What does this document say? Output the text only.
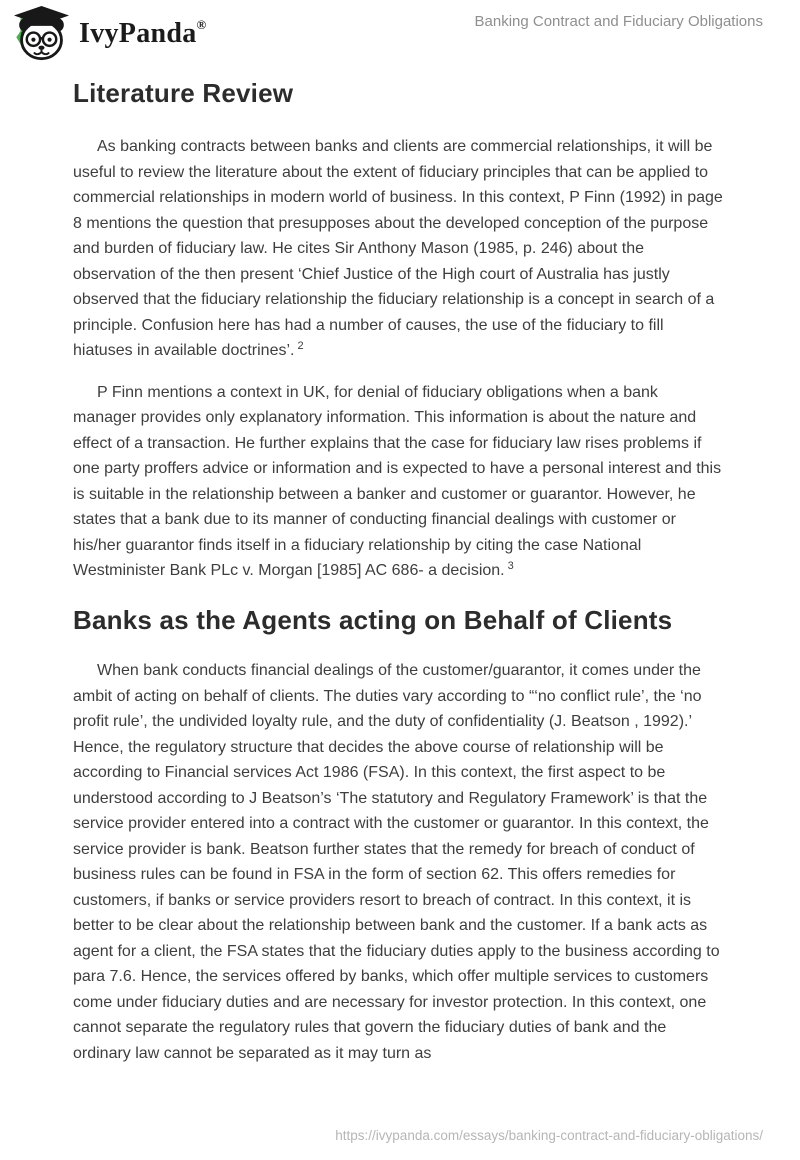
IvyPanda®	Banking Contract and Fiduciary Obligations
Literature Review

As banking contracts between banks and clients are commercial relationships, it will be useful to review the literature about the extent of fiduciary principles that can be applied to commercial relationships in modern world of business. In this context, P Finn (1992) in page 8 mentions the question that presupposes about the developed conception of the purpose and burden of fiduciary law. He cites Sir Anthony Mason (1985, p. 246) about the observation of the then present ‘Chief Justice of the High court of Australia has justly observed that the fiduciary relationship the fiduciary relationship is a concept in search of a principle. Confusion here has had a number of causes, the use of the fiduciary to fill hiatuses in available doctrines’. $^2$

P Finn mentions a context in UK, for denial of fiduciary obligations when a bank manager provides only explanatory information. This information is about the nature and effect of a transaction. He further explains that the case for fiduciary law rises problems if one party proffers advice or information and is expected to have a personal interest and this is suitable in the relationship between a banker and customer or guarantor. However, he states that a bank due to its manner of conducting financial dealings with customer or his/her guarantor finds itself in a fiduciary relationship by citing the case National Westminister Bank PLc v. Morgan [1985] AC 686- a decision. $^3$

Banks as the Agents acting on Behalf of Clients

When bank conducts financial dealings of the customer/guarantor, it comes under the ambit of acting on behalf of clients. The duties vary according to “‘no conflict rule’, the ‘no profit rule’, the undivided loyalty rule, and the duty of confidentiality (J. Beatson , 1992).’ Hence, the regulatory structure that decides the above course of relationship will be according to Financial services Act 1986 (FSA). In this context, the first aspect to be understood according to J Beatson’s ‘The statutory and Regulatory Framework’ is that the service provider entered into a contract with the customer or guarantor. In this context, the service provider is bank. Beatson further states that the remedy for breach of conduct of business rules can be found in FSA in the form of section 62. This offers remedies for customers, if banks or service providers resort to breach of contract. In this context, it is better to be clear about the relationship between bank and the customer. If a bank acts as agent for a client, the FSA states that the fiduciary duties apply to the business according to para 7.6. Hence, the services offered by banks, which offer multiple services to customers come under fiduciary duties and are necessary for investor protection. In this context, one cannot separate the regulatory rules that govern the fiduciary duties of bank and the ordinary law cannot be separated as it may turn as

https://ivypanda.com/essays/banking-contract-and-fiduciary-obligations/
